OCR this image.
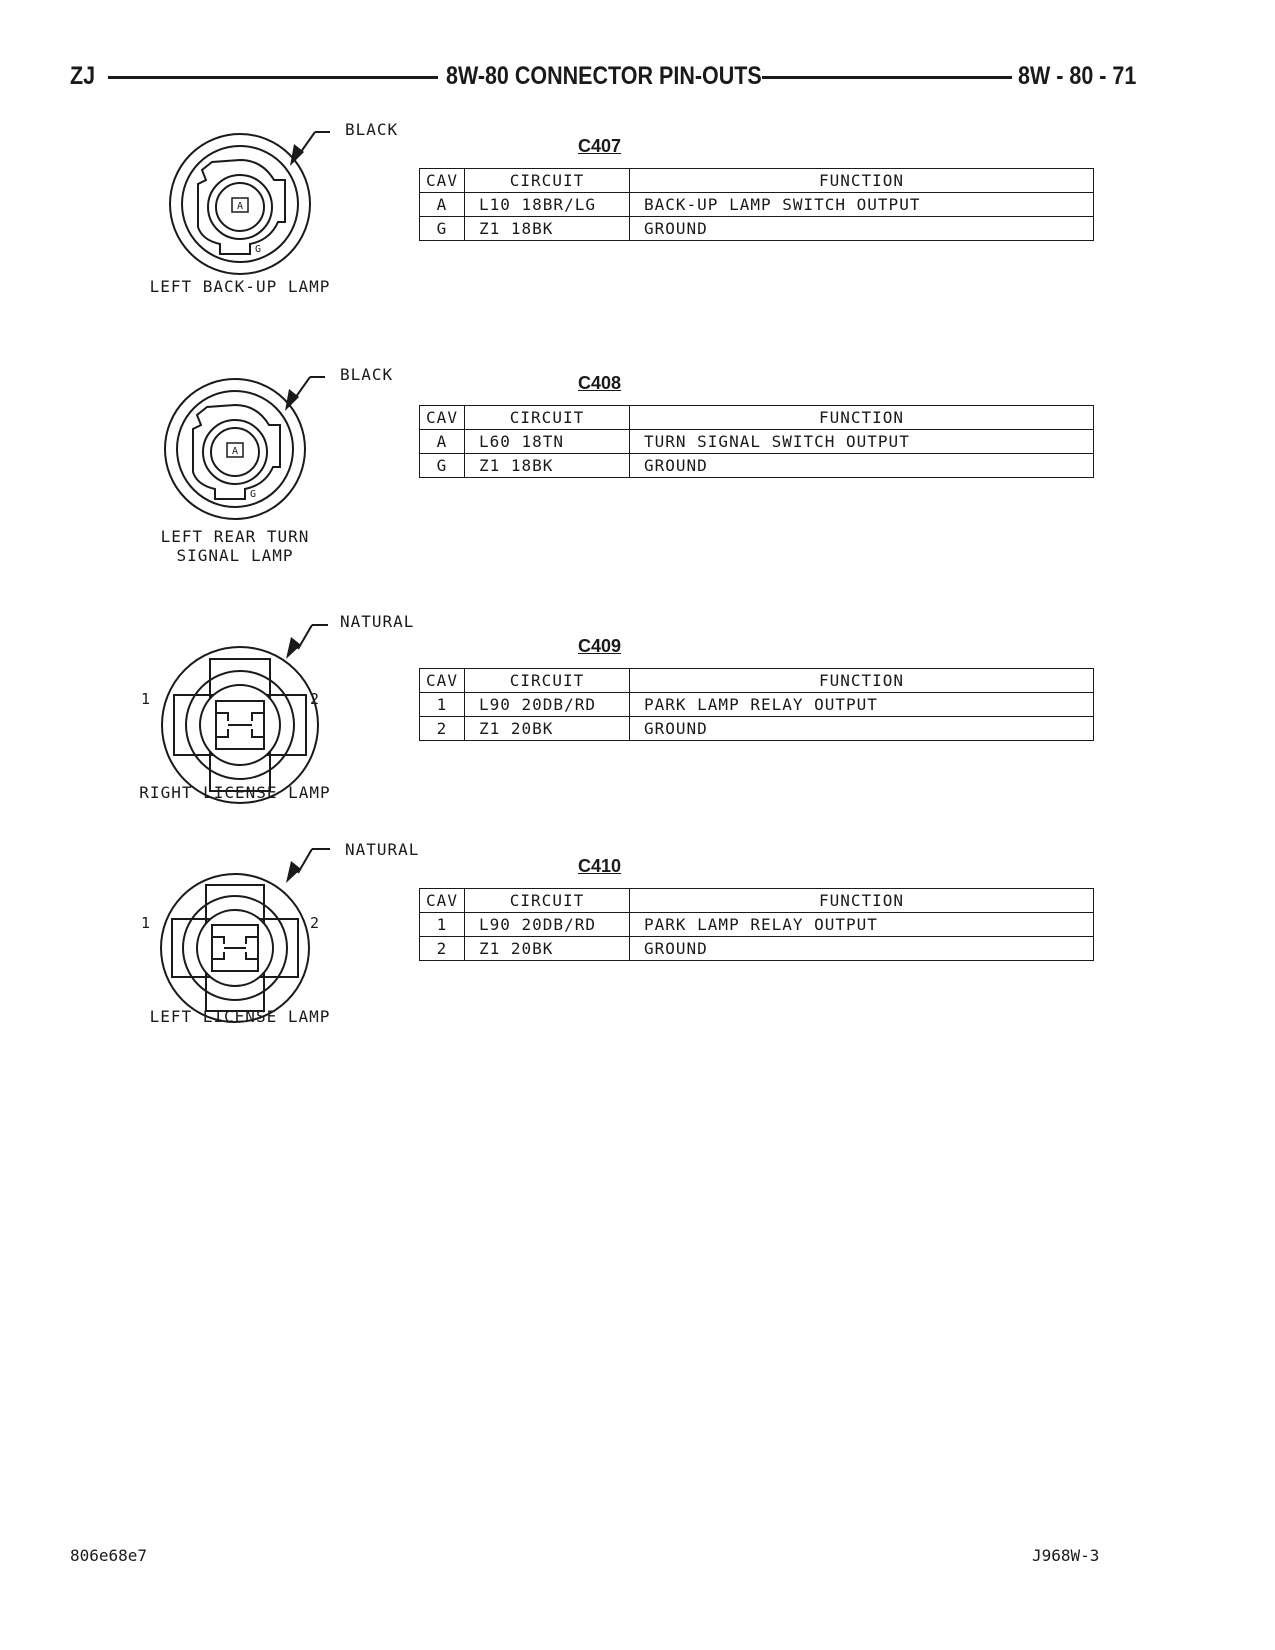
ZJ	8W-80 CONNECTOR PIN-OUTS	8W - 80 - 71
A
G
BLACK
C407
CAV	CIRCUIT	FUNCTION
A	L10 18BR/LG	BACK-UP LAMP SWITCH OUTPUT
G	Z1 18BK	GROUND
LEFT BACK-UP LAMP
A
G
BLACK	C408
CAV	CIRCUIT	FUNCTION
A	L60 18TN	TURN SIGNAL SWITCH OUTPUT
G	Z1 18BK	GROUND
LEFT REAR TURN
SIGNAL LAMP
1	2
NATURAL
C409
CAV	CIRCUIT	FUNCTION
1	L90 20DB/RD	PARK LAMP RELAY OUTPUT
2	Z1 20BK	GROUND
RIGHT LICENSE LAMP
1	2
NATURAL
C410
CAV	CIRCUIT	FUNCTION
1	L90 20DB/RD	PARK LAMP RELAY OUTPUT
2	Z1 20BK	GROUND
LEFT LICENSE LAMP
806e68e7	J968W-3
